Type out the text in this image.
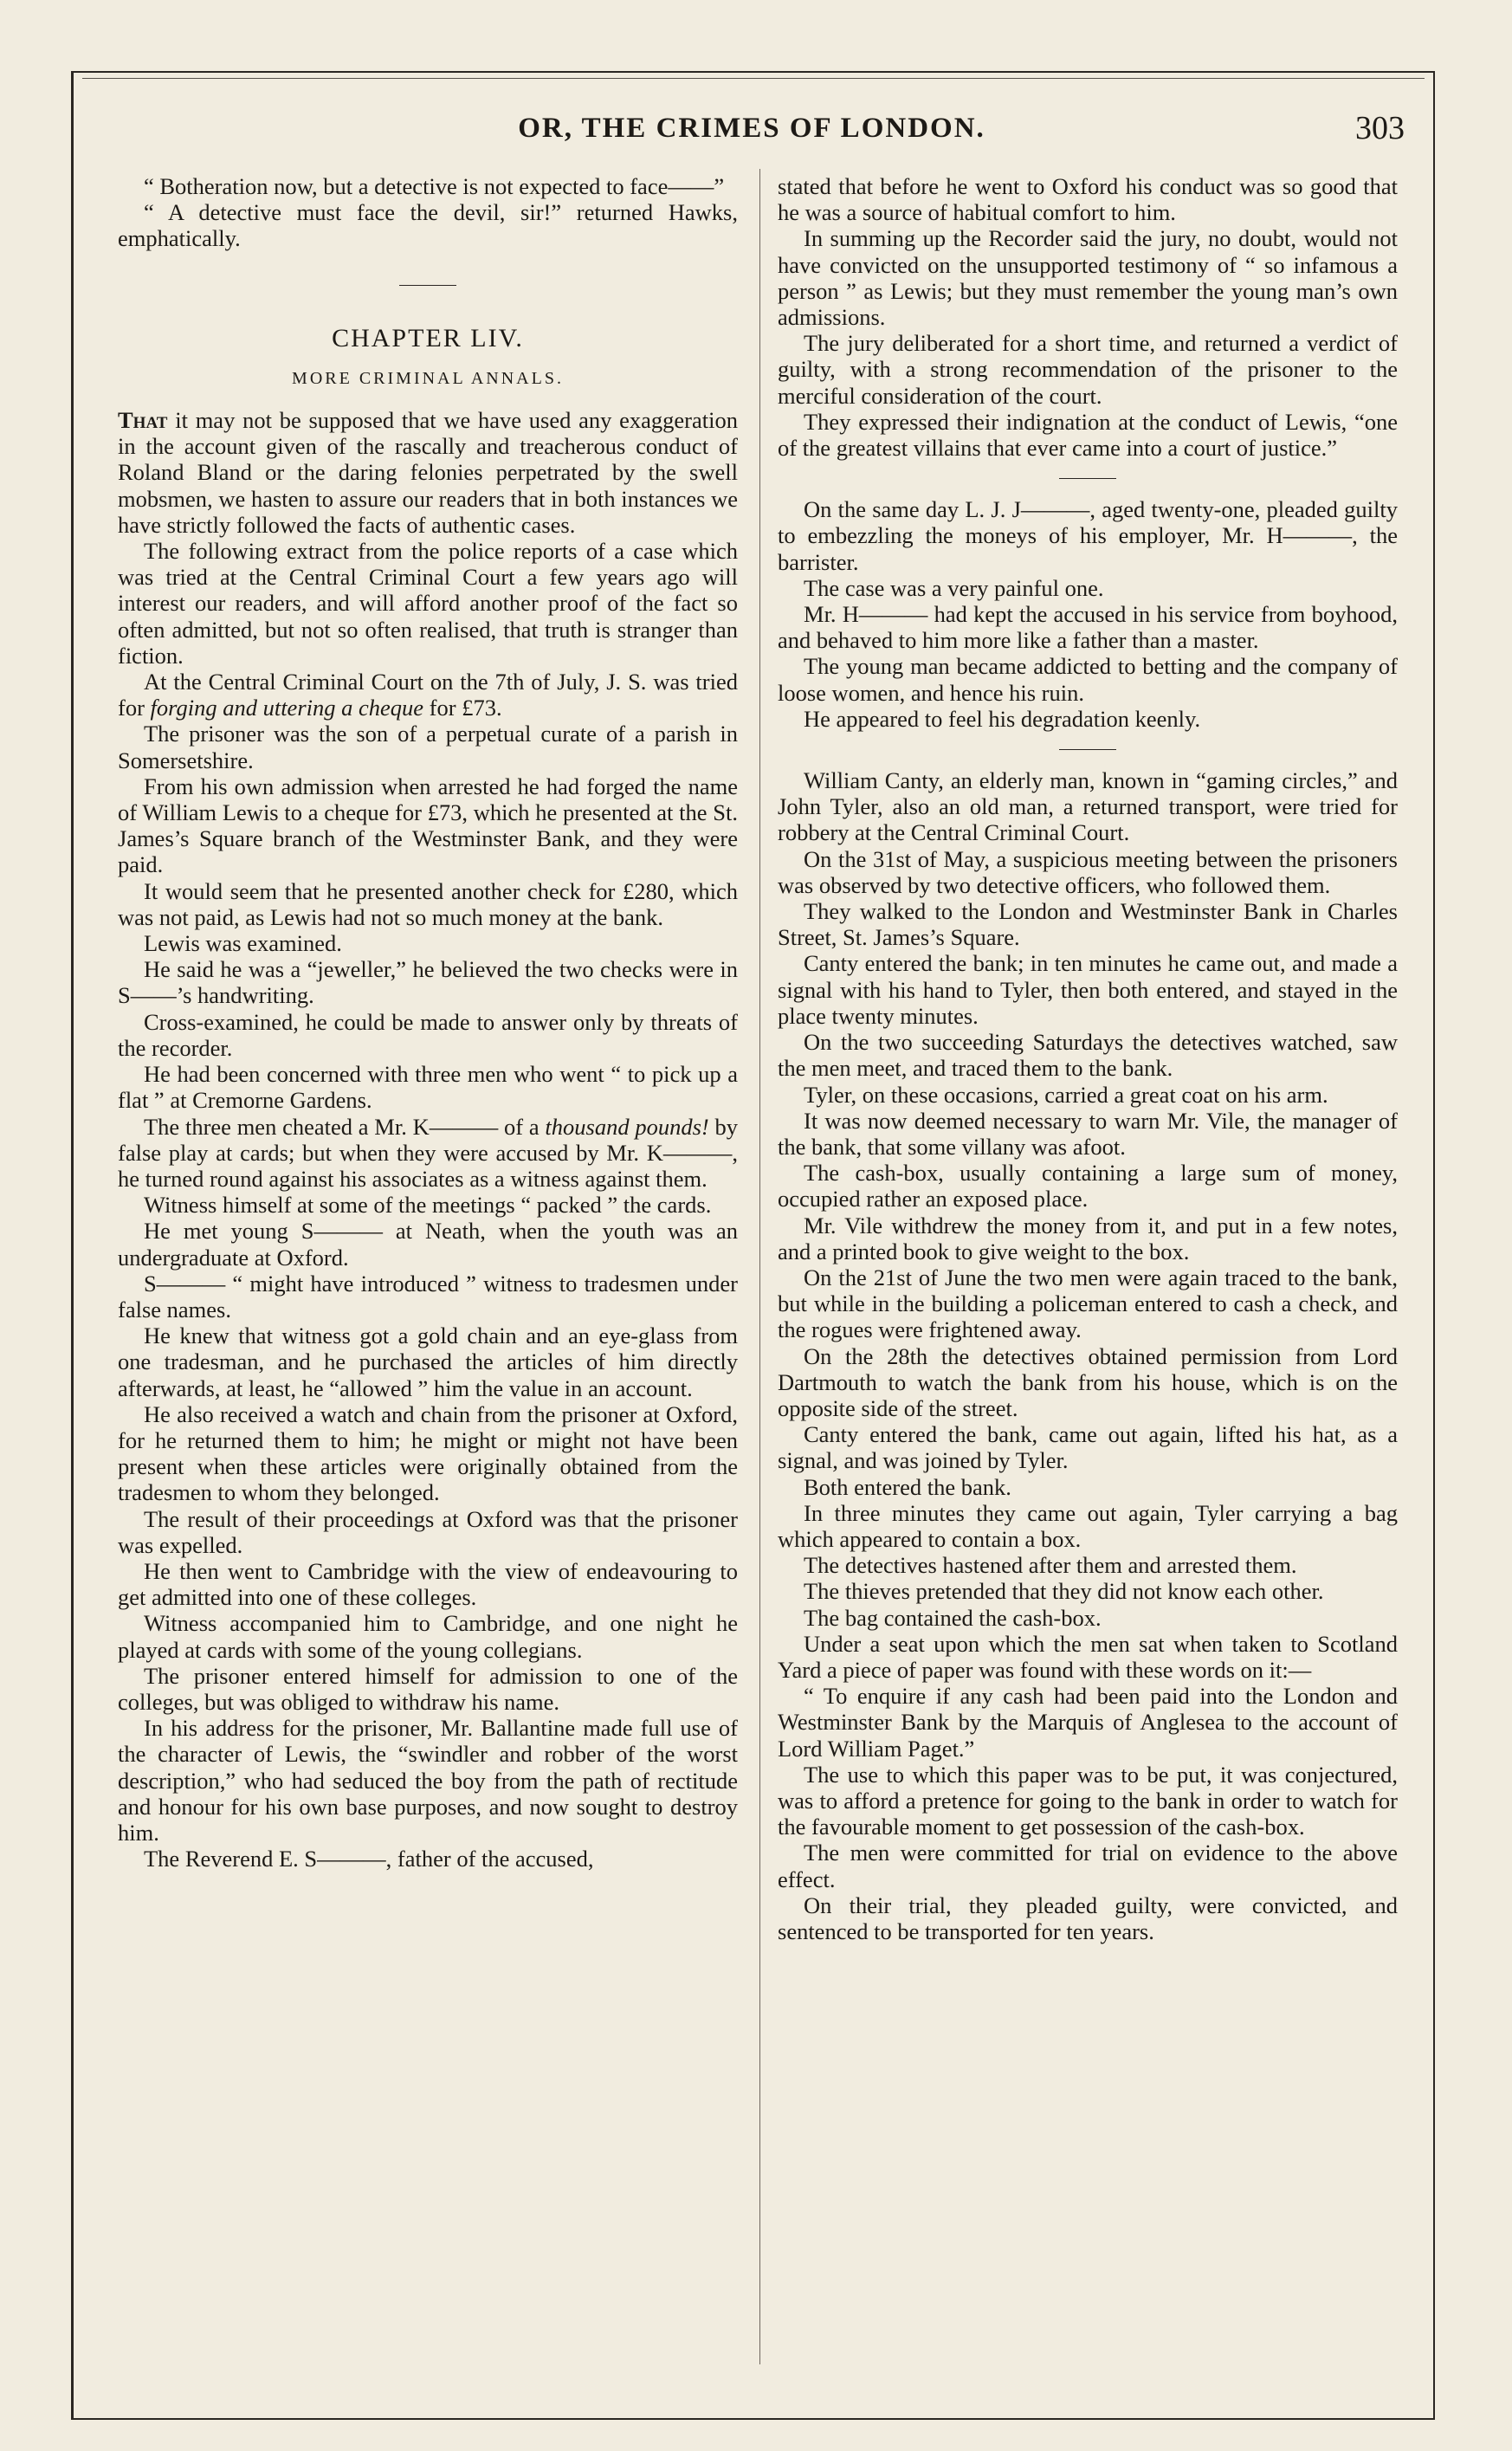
OR, THE CRIMES OF LONDON.	303

“ Botheration now, but a detective is not expected to face——”

“ A detective must face the devil, sir!” returned Hawks, emphatically.

CHAPTER LIV.
MORE CRIMINAL ANNALS.

That it may not be supposed that we have used any exaggeration in the account given of the rascally and treacherous conduct of Roland Bland or the daring felonies perpetrated by the swell mobsmen, we hasten to assure our readers that in both instances we have strictly followed the facts of authentic cases.

The following extract from the police reports of a case which was tried at the Central Criminal Court a few years ago will interest our readers, and will afford another proof of the fact so often admitted, but not so often realised, that truth is stranger than fiction.

At the Central Criminal Court on the 7th of July, J. S. was tried for forging and uttering a cheque for £73.

The prisoner was the son of a perpetual curate of a parish in Somersetshire.

From his own admission when arrested he had forged the name of William Lewis to a cheque for £73, which he presented at the St. James’s Square branch of the Westminster Bank, and they were paid.

It would seem that he presented another check for £280, which was not paid, as Lewis had not so much money at the bank.

Lewis was examined.

He said he was a “jeweller,” he believed the two checks were in S——’s handwriting.

Cross-examined, he could be made to answer only by threats of the recorder.

He had been concerned with three men who went “ to pick up a flat ” at Cremorne Gardens.

The three men cheated a Mr. K——— of a thousand pounds! by false play at cards; but when they were accused by Mr. K———, he turned round against his associates as a witness against them.

Witness himself at some of the meetings “ packed ” the cards.

He met young S——— at Neath, when the youth was an undergraduate at Oxford.

S——— “ might have introduced ” witness to tradesmen under false names.

He knew that witness got a gold chain and an eye-glass from one tradesman, and he purchased the articles of him directly afterwards, at least, he “allowed ” him the value in an account.

He also received a watch and chain from the prisoner at Oxford, for he returned them to him; he might or might not have been present when these articles were originally obtained from the tradesmen to whom they belonged.

The result of their proceedings at Oxford was that the prisoner was expelled.

He then went to Cambridge with the view of endeavouring to get admitted into one of these colleges.

Witness accompanied him to Cambridge, and one night he played at cards with some of the young collegians.

The prisoner entered himself for admission to one of the colleges, but was obliged to withdraw his name.

In his address for the prisoner, Mr. Ballantine made full use of the character of Lewis, the “swindler and robber of the worst description,” who had seduced the boy from the path of rectitude and honour for his own base purposes, and now sought to destroy him.

The Reverend E. S———, father of the accused,

stated that before he went to Oxford his conduct was so good that he was a source of habitual comfort to him.

In summing up the Recorder said the jury, no doubt, would not have convicted on the unsupported testimony of “ so infamous a person ” as Lewis; but they must remember the young man’s own admissions.

The jury deliberated for a short time, and returned a verdict of guilty, with a strong recommendation of the prisoner to the merciful consideration of the court.

They expressed their indignation at the conduct of Lewis, “one of the greatest villains that ever came into a court of justice.”

On the same day L. J. J———, aged twenty-one, pleaded guilty to embezzling the moneys of his employer, Mr. H———, the barrister.

The case was a very painful one.

Mr. H——— had kept the accused in his service from boyhood, and behaved to him more like a father than a master.

The young man became addicted to betting and the company of loose women, and hence his ruin.

He appeared to feel his degradation keenly.

William Canty, an elderly man, known in “gaming circles,” and John Tyler, also an old man, a returned transport, were tried for robbery at the Central Criminal Court.

On the 31st of May, a suspicious meeting between the prisoners was observed by two detective officers, who followed them.

They walked to the London and Westminster Bank in Charles Street, St. James’s Square.

Canty entered the bank; in ten minutes he came out, and made a signal with his hand to Tyler, then both entered, and stayed in the place twenty minutes.

On the two succeeding Saturdays the detectives watched, saw the men meet, and traced them to the bank.

Tyler, on these occasions, carried a great coat on his arm.

It was now deemed necessary to warn Mr. Vile, the manager of the bank, that some villany was afoot.

The cash-box, usually containing a large sum of money, occupied rather an exposed place.

Mr. Vile withdrew the money from it, and put in a few notes, and a printed book to give weight to the box.

On the 21st of June the two men were again traced to the bank, but while in the building a policeman entered to cash a check, and the rogues were frightened away.

On the 28th the detectives obtained permission from Lord Dartmouth to watch the bank from his house, which is on the opposite side of the street.

Canty entered the bank, came out again, lifted his hat, as a signal, and was joined by Tyler.

Both entered the bank.

In three minutes they came out again, Tyler carrying a bag which appeared to contain a box.

The detectives hastened after them and arrested them.

The thieves pretended that they did not know each other.

The bag contained the cash-box.

Under a seat upon which the men sat when taken to Scotland Yard a piece of paper was found with these words on it:—

“ To enquire if any cash had been paid into the London and Westminster Bank by the Marquis of Anglesea to the account of Lord William Paget.”

The use to which this paper was to be put, it was conjectured, was to afford a pretence for going to the bank in order to watch for the favourable moment to get possession of the cash-box.

The men were committed for trial on evidence to the above effect.

On their trial, they pleaded guilty, were convicted, and sentenced to be transported for ten years.
